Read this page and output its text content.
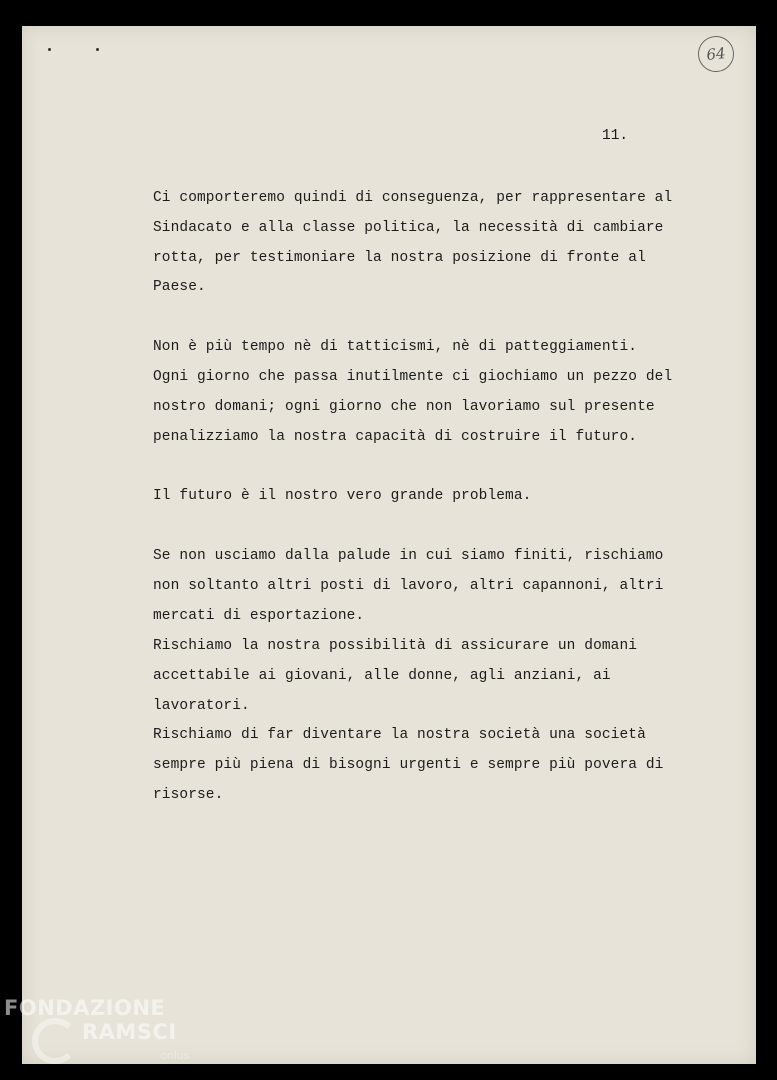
64
11.
Ci comporteremo quindi di conseguenza, per rappresentare al
Sindacato e alla classe politica, la necessità di cambiare
rotta, per testimoniare la nostra posizione di fronte al
Paese.
Non è più tempo nè di tatticismi, nè di patteggiamenti.
Ogni giorno che passa inutilmente ci giochiamo un pezzo del
nostro domani; ogni giorno che non lavoriamo sul presente
penalizziamo la nostra capacità di costruire il futuro.
Il futuro è il nostro vero grande problema.
Se non usciamo dalla palude in cui siamo finiti, rischiamo
non soltanto altri posti di lavoro, altri capannoni, altri
mercati di esportazione.
Rischiamo la nostra possibilità di assicurare un domani
accettabile ai giovani, alle donne, agli anziani, ai
lavoratori.
Rischiamo di far diventare la nostra società una società
sempre più piena di bisogni urgenti e sempre più povera di
risorse.
FONDAZIONE
RAMSCI
onlus
